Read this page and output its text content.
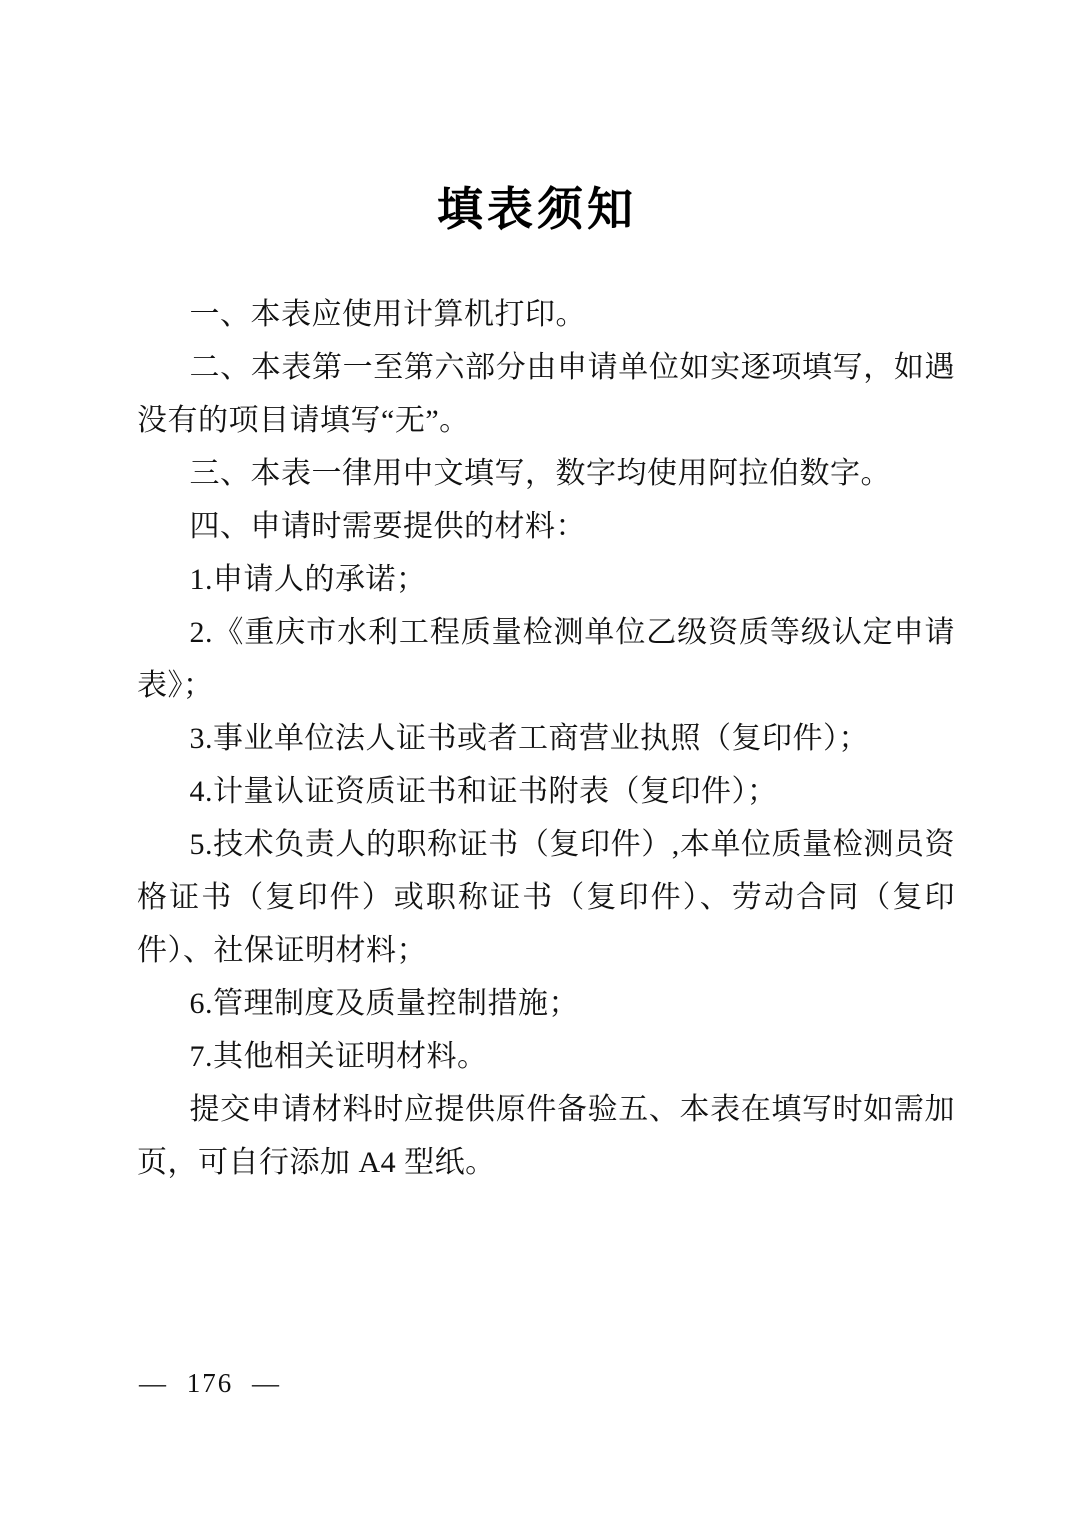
填表须知

一、本表应使用计算机打印。

二、本表第一至第六部分由申请单位如实逐项填写，如遇没有的项目请填写“无”。

三、本表一律用中文填写，数字均使用阿拉伯数字。

四、申请时需要提供的材料：

1.申请人的承诺；

2.《重庆市水利工程质量检测单位乙级资质等级认定申请表》；

3.事业单位法人证书或者工商营业执照（复印件）；

4.计量认证资质证书和证书附表（复印件）；

5.技术负责人的职称证书（复印件）,本单位质量检测员资格证书（复印件）或职称证书（复印件）、劳动合同（复印件）、社保证明材料；

6.管理制度及质量控制措施；

7.其他相关证明材料。

提交申请材料时应提供原件备验五、本表在填写时如需加页，可自行添加 A4 型纸。

— 176 —
